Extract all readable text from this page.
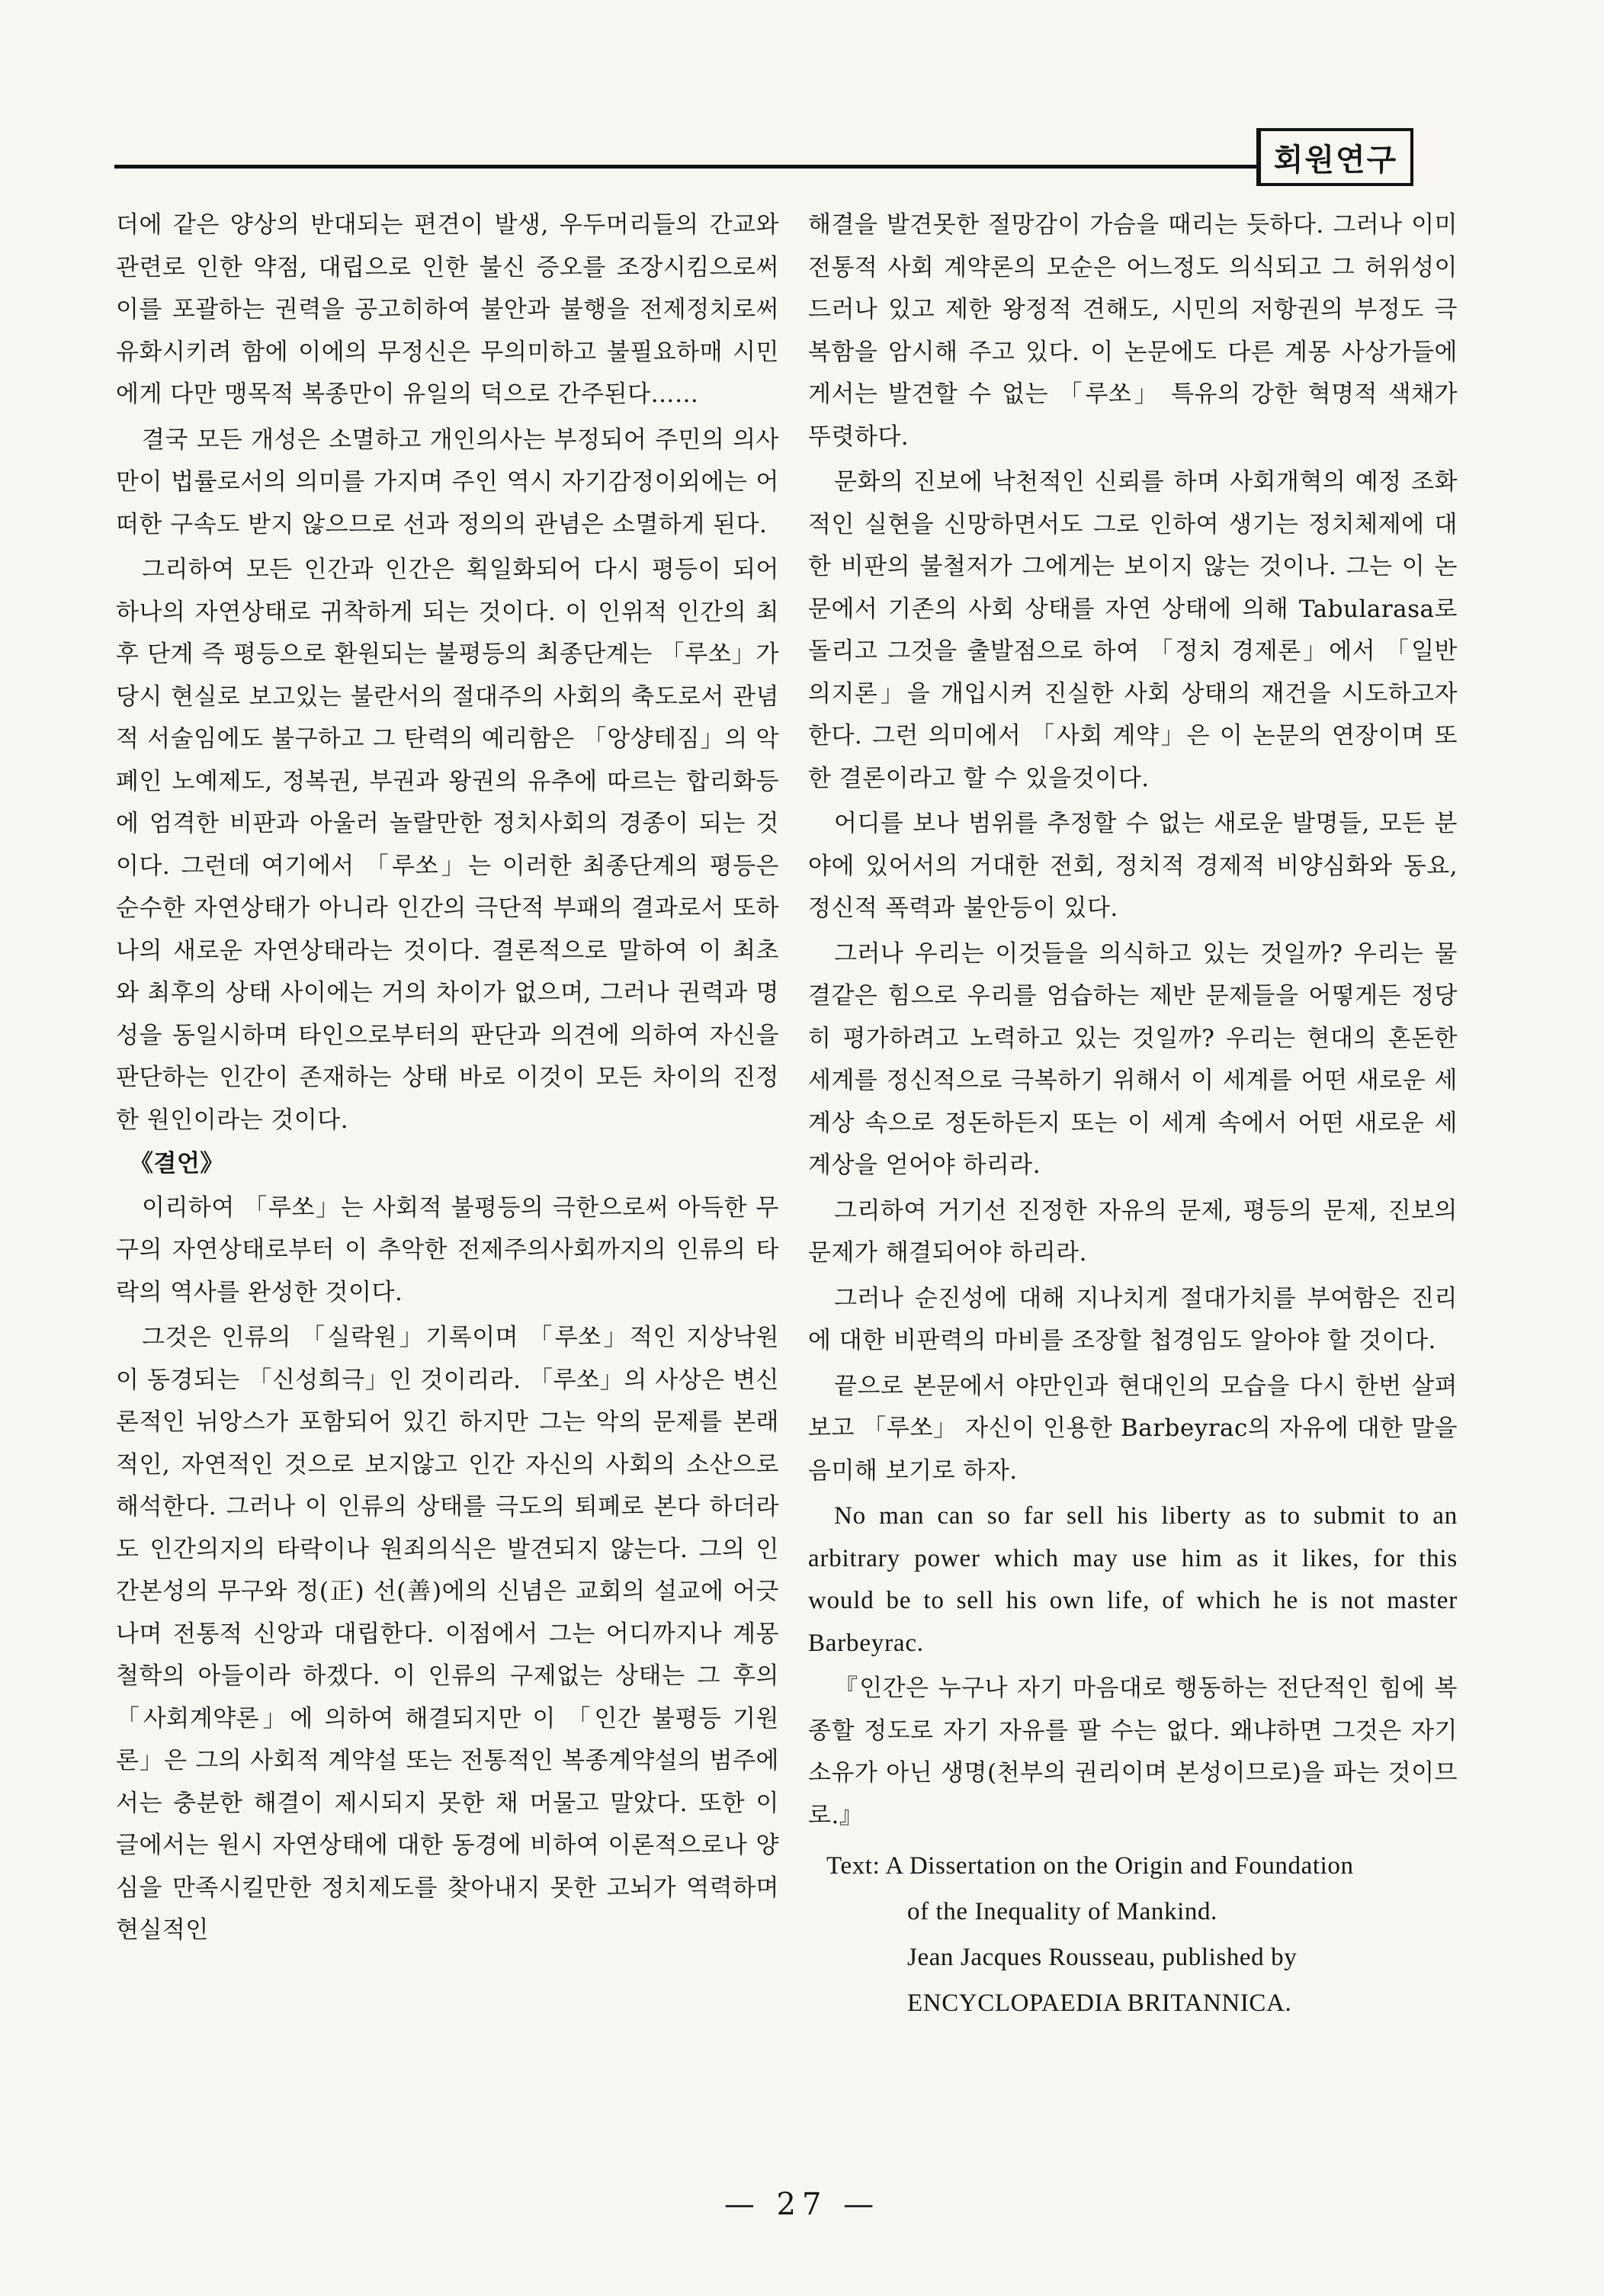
회원연구

더에 같은 양상의 반대되는 편견이 발생, 우두머리들의 간교와 관련로 인한 약점, 대립으로 인한 불신 증오를 조장시킴으로써 이를 포괄하는 권력을 공고히하여 불안과 불행을 전제정치로써 유화시키려 함에 이에의 무정신은 무의미하고 불필요하매 시민에게 다만 맹목적 복종만이 유일의 덕으로 간주된다……

결국 모든 개성은 소멸하고 개인의사는 부정되어 주민의 의사만이 법률로서의 의미를 가지며 주인 역시 자기감정이외에는 어떠한 구속도 받지 않으므로 선과 정의의 관념은 소멸하게 된다.

그리하여 모든 인간과 인간은 획일화되어 다시 평등이 되어 하나의 자연상태로 귀착하게 되는 것이다. 이 인위적 인간의 최후 단계 즉 평등으로 환원되는 불평등의 최종단계는 「루쏘」가 당시 현실로 보고있는 불란서의 절대주의 사회의 축도로서 관념적 서술임에도 불구하고 그 탄력의 예리함은 「앙샹테짐」의 악폐인 노예제도, 정복권, 부권과 왕권의 유추에 따르는 합리화등에 엄격한 비판과 아울러 놀랄만한 정치사회의 경종이 되는 것이다. 그런데 여기에서 「루쏘」는 이러한 최종단계의 평등은 순수한 자연상태가 아니라 인간의 극단적 부패의 결과로서 또하나의 새로운 자연상태라는 것이다. 결론적으로 말하여 이 최초와 최후의 상태 사이에는 거의 차이가 없으며, 그러나 권력과 명성을 동일시하며 타인으로부터의 판단과 의견에 의하여 자신을 판단하는 인간이 존재하는 상태 바로 이것이 모든 차이의 진정한 원인이라는 것이다.

《결언》

이리하여 「루쏘」는 사회적 불평등의 극한으로써 아득한 무구의 자연상태로부터 이 추악한 전제주의사회까지의 인류의 타락의 역사를 완성한 것이다.

그것은 인류의 「실락원」기록이며 「루쏘」적인 지상낙원이 동경되는 「신성희극」인 것이리라. 「루쏘」의 사상은 변신론적인 뉘앙스가 포함되어 있긴 하지만 그는 악의 문제를 본래적인, 자연적인 것으로 보지않고 인간 자신의 사회의 소산으로 해석한다. 그러나 이 인류의 상태를 극도의 퇴폐로 본다 하더라도 인간의지의 타락이나 원죄의식은 발견되지 않는다. 그의 인간본성의 무구와 정(正) 선(善)에의 신념은 교회의 설교에 어긋나며 전통적 신앙과 대립한다. 이점에서 그는 어디까지나 계몽철학의 아들이라 하겠다. 이 인류의 구제없는 상태는 그 후의 「사회계약론」에 의하여 해결되지만 이 「인간 불평등 기원론」은 그의 사회적 계약설 또는 전통적인 복종계약설의 범주에서는 충분한 해결이 제시되지 못한 채 머물고 말았다. 또한 이 글에서는 원시 자연상태에 대한 동경에 비하여 이론적으로나 양심을 만족시킬만한 정치제도를 찾아내지 못한 고뇌가 역력하며 현실적인

해결을 발견못한 절망감이 가슴을 때리는 듯하다. 그러나 이미 전통적 사회 계약론의 모순은 어느정도 의식되고 그 허위성이 드러나 있고 제한 왕정적 견해도, 시민의 저항권의 부정도 극복함을 암시해 주고 있다. 이 논문에도 다른 계몽 사상가들에게서는 발견할 수 없는 「루쏘」 특유의 강한 혁명적 색채가 뚜렷하다.

문화의 진보에 낙천적인 신뢰를 하며 사회개혁의 예정 조화적인 실현을 신망하면서도 그로 인하여 생기는 정치체제에 대한 비판의 불철저가 그에게는 보이지 않는 것이나. 그는 이 논문에서 기존의 사회 상태를 자연 상태에 의해 Tabularasa로 돌리고 그것을 출발점으로 하여 「정치 경제론」에서 「일반의지론」을 개입시켜 진실한 사회 상태의 재건을 시도하고자 한다. 그런 의미에서 「사회 계약」은 이 논문의 연장이며 또한 결론이라고 할 수 있을것이다.

어디를 보나 범위를 추정할 수 없는 새로운 발명들, 모든 분야에 있어서의 거대한 전회, 정치적 경제적 비양심화와 동요, 정신적 폭력과 불안등이 있다.

그러나 우리는 이것들을 의식하고 있는 것일까? 우리는 물결같은 힘으로 우리를 엄습하는 제반 문제들을 어떻게든 정당히 평가하려고 노력하고 있는 것일까? 우리는 현대의 혼돈한 세계를 정신적으로 극복하기 위해서 이 세계를 어떤 새로운 세계상 속으로 정돈하든지 또는 이 세계 속에서 어떤 새로운 세계상을 얻어야 하리라.

그리하여 거기선 진정한 자유의 문제, 평등의 문제, 진보의 문제가 해결되어야 하리라.

그러나 순진성에 대해 지나치게 절대가치를 부여함은 진리에 대한 비판력의 마비를 조장할 첩경임도 알아야 할 것이다.

끝으로 본문에서 야만인과 현대인의 모습을 다시 한번 살펴보고 「루쏘」 자신이 인용한 Barbeyrac의 자유에 대한 말을 음미해 보기로 하자.

No man can so far sell his liberty as to submit to an arbitrary power which may use him as it likes, for this would be to sell his own life, of which he is not master Barbeyrac.

『인간은 누구나 자기 마음대로 행동하는 전단적인 힘에 복종할 정도로 자기 자유를 팔 수는 없다. 왜냐하면 그것은 자기소유가 아닌 생명(천부의 권리이며 본성이므로)을 파는 것이므로.』

Text: A Dissertation on the Origin and Foundation
of the Inequality of Mankind.
Jean Jacques Rousseau, published by
ENCYCLOPAEDIA BRITANNICA.
— 27 —
